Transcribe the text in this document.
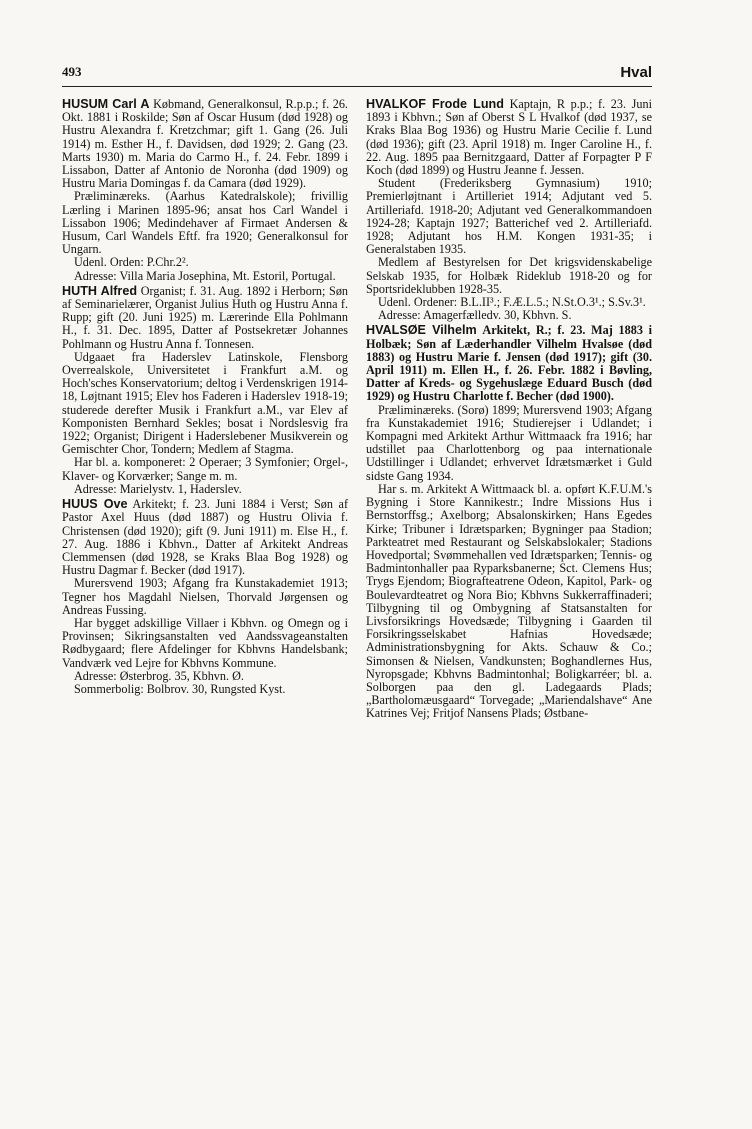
493	Hval

HUSUM Carl A Købmand, Generalkonsul, R.p.p.; f. 26. Okt. 1881 i Roskilde; Søn af Oscar Husum (død 1928) og Hustru Alexandra f. Kretzchmar; gift 1. Gang (26. Juli 1914) m. Esther H., f. Davidsen, død 1929; 2. Gang (23. Marts 1930) m. Maria do Carmo H., f. 24. Febr. 1899 i Lissabon, Datter af Antonio de Noronha (død 1909) og Hustru Maria Domingas f. da Camara (død 1929).

Præliminæreks. (Aarhus Katedralskole); frivillig Lærling i Marinen 1895-96; ansat hos Carl Wandel i Lissabon 1906; Medindehaver af Firmaet Andersen & Husum, Carl Wandels Eftf. fra 1920; Generalkonsul for Ungarn.

Udenl. Orden: P.Chr.2².

Adresse: Villa Maria Josephina, Mt. Estoril, Portugal.

HUTH Alfred Organist; f. 31. Aug. 1892 i Herborn; Søn af Seminarielærer, Organist Julius Huth og Hustru Anna f. Rupp; gift (20. Juni 1925) m. Lærerinde Ella Pohlmann H., f. 31. Dec. 1895, Datter af Postsekretær Johannes Pohlmann og Hustru Anna f. Tonnesen.

Udgaaet fra Haderslev Latinskole, Flensborg Overrealskole, Universitetet i Frankfurt a.M. og Hoch'sches Konservatorium; deltog i Verdenskrigen 1914-18, Løjtnant 1915; Elev hos Faderen i Haderslev 1918-19; studerede derefter Musik i Frankfurt a.M., var Elev af Komponisten Bernhard Sekles; bosat i Nordslesvig fra 1922; Organist; Dirigent i Haderslebener Musikverein og Gemischter Chor, Tondern; Medlem af Stagma.

Har bl. a. komponeret: 2 Operaer; 3 Symfonier; Orgel-, Klaver- og Korværker; Sange m. m.

Adresse: Marielystv. 1, Haderslev.

HUUS Ove Arkitekt; f. 23. Juni 1884 i Verst; Søn af Pastor Axel Huus (død 1887) og Hustru Olivia f. Christensen (død 1920); gift (9. Juni 1911) m. Else H., f. 27. Aug. 1886 i Kbhvn., Datter af Arkitekt Andreas Clemmensen (død 1928, se Kraks Blaa Bog 1928) og Hustru Dagmar f. Becker (død 1917).

Murersvend 1903; Afgang fra Kunstakademiet 1913; Tegner hos Magdahl Nielsen, Thorvald Jørgensen og Andreas Fussing.

Har bygget adskillige Villaer i Kbhvn. og Omegn og i Provinsen; Sikringsanstalten ved Aandssvageanstalten Rødbygaard; flere Afdelinger for Kbhvns Handelsbank; Vandværk ved Lejre for Kbhvns Kommune.

Adresse: Østerbrog. 35, Kbhvn. Ø.

Sommerbolig: Bolbrov. 30, Rungsted Kyst.

HVALKOF Frode Lund Kaptajn, R p.p.; f. 23. Juni 1893 i Kbhvn.; Søn af Oberst S L Hvalkof (død 1937, se Kraks Blaa Bog 1936) og Hustru Marie Cecilie f. Lund (død 1936); gift (23. April 1918) m. Inger Caroline H., f. 22. Aug. 1895 paa Bernitzgaard, Datter af Forpagter P F Koch (død 1899) og Hustru Jeanne f. Jessen.

Student (Frederiksberg Gymnasium) 1910; Premierløjtnant i Artilleriet 1914; Adjutant ved 5. Artilleriafd. 1918-20; Adjutant ved Generalkommandoen 1924-28; Kaptajn 1927; Batterichef ved 2. Artilleriafd. 1928; Adjutant hos H.M. Kongen 1931-35; i Generalstaben 1935.

Medlem af Bestyrelsen for Det krigsvidenskabelige Selskab 1935, for Holbæk Rideklub 1918-20 og for Sportsrideklubben 1928-35.

Udenl. Ordener: B.L.II³.; F.Æ.L.5.; N.St.O.3¹.; S.Sv.3¹.

Adresse: Amagerfælledv. 30, Kbhvn. S.

HVALSØE Vilhelm Arkitekt, R.; f. 23. Maj 1883 i Holbæk; Søn af Læderhandler Vilhelm Hvalsøe (død 1883) og Hustru Marie f. Jensen (død 1917); gift (30. April 1911) m. Ellen H., f. 26. Febr. 1882 i Bøvling, Datter af Kreds- og Sygehuslæge Eduard Busch (død 1929) og Hustru Charlotte f. Becher (død 1900).

Præliminæreks. (Sorø) 1899; Murersvend 1903; Afgang fra Kunstakademiet 1916; Studierejser i Udlandet; i Kompagni med Arkitekt Arthur Wittmaack fra 1916; har udstillet paa Charlottenborg og paa internationale Udstillinger i Udlandet; erhvervet Idrætsmærket i Guld sidste Gang 1934.

Har s. m. Arkitekt A Wittmaack bl. a. opført K.F.U.M.'s Bygning i Store Kannikestr.; Indre Missions Hus i Bernstorffsg.; Axelborg; Absalonskirken; Hans Egedes Kirke; Tribuner i Idrætsparken; Bygninger paa Stadion; Parkteatret med Restaurant og Selskabslokaler; Stadions Hovedportal; Svømmehallen ved Idrætsparken; Tennis- og Badmintonhaller paa Ryparksbanerne; Sct. Clemens Hus; Trygs Ejendom; Biografteatrene Odeon, Kapitol, Park- og Boulevardteatret og Nora Bio; Kbhvns Sukkerraffinaderi; Tilbygning til og Ombygning af Statsanstalten for Livsforsikrings Hovedsæde; Tilbygning i Gaarden til Forsikringsselskabet Hafnias Hovedsæde; Administrationsbygning for Akts. Schauw & Co.; Simonsen & Nielsen, Vandkunsten; Boghandlernes Hus, Nyropsgade; Kbhvns Badmintonhal; Boligkarréer; bl. a. Solborgen paa den gl. Ladegaards Plads; „Bartholomæusgaard“ Torvegade; „Mariendalshave“ Ane Katrines Vej; Fritjof Nansens Plads; Østbane-
